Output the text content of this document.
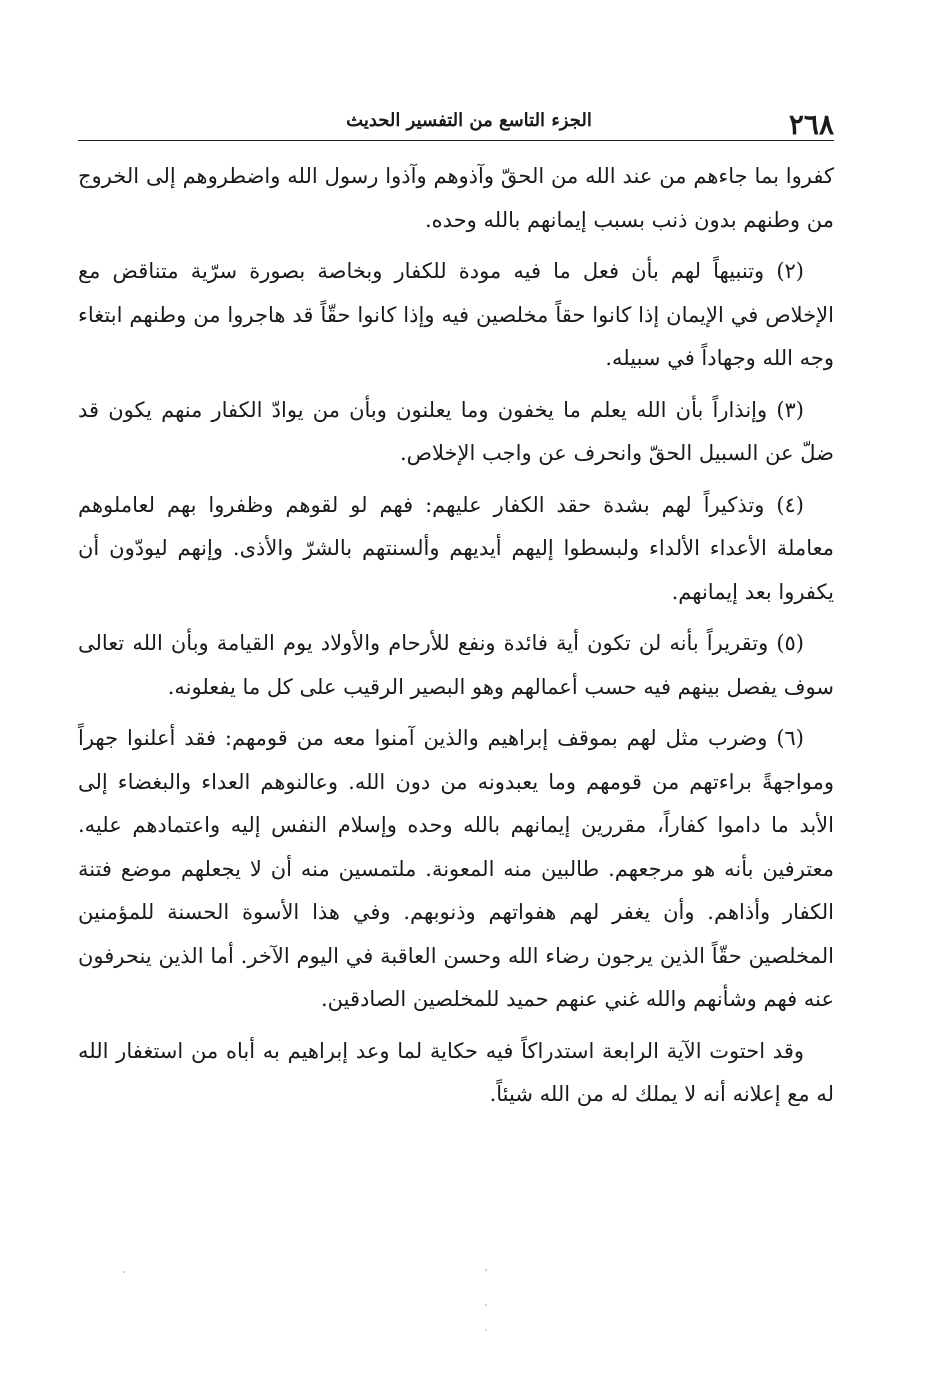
٢٦٨
الجزء التاسع من التفسير الحديث

كفروا بما جاءهم من عند الله من الحقّ وآذوهم وآذوا رسول الله واضطروهم إلى الخروج من وطنهم بدون ذنب بسبب إيمانهم بالله وحده.

(٢) وتنبيهاً لهم بأن فعل ما فيه مودة للكفار وبخاصة بصورة سرّية متناقض مع الإخلاص في الإيمان إذا كانوا حقاً مخلصين فيه وإذا كانوا حقّاً قد هاجروا من وطنهم ابتغاء وجه الله وجهاداً في سبيله.

(٣) وإنذاراً بأن الله يعلم ما يخفون وما يعلنون وبأن من يوادّ الكفار منهم يكون قد ضلّ عن السبيل الحقّ وانحرف عن واجب الإخلاص.

(٤) وتذكيراً لهم بشدة حقد الكفار عليهم: فهم لو لقوهم وظفروا بهم لعاملوهم معاملة الأعداء الألداء ولبسطوا إليهم أيديهم وألسنتهم بالشرّ والأذى. وإنهم ليودّون أن يكفروا بعد إيمانهم.

(٥) وتقريراً بأنه لن تكون أية فائدة ونفع للأرحام والأولاد يوم القيامة وبأن الله تعالى سوف يفصل بينهم فيه حسب أعمالهم وهو البصير الرقيب على كل ما يفعلونه.

(٦) وضرب مثل لهم بموقف إبراهيم والذين آمنوا معه من قومهم: فقد أعلنوا جهراً ومواجهةً براءتهم من قومهم وما يعبدونه من دون الله. وعالنوهم العداء والبغضاء إلى الأبد ما داموا كفاراً، مقررين إيمانهم بالله وحده وإسلام النفس إليه واعتمادهم عليه. معترفين بأنه هو مرجعهم. طالبين منه المعونة. ملتمسين منه أن لا يجعلهم موضع فتنة الكفار وأذاهم. وأن يغفر لهم هفواتهم وذنوبهم. وفي هذا الأسوة الحسنة للمؤمنين المخلصين حقّاً الذين يرجون رضاء الله وحسن العاقبة في اليوم الآخر. أما الذين ينحرفون عنه فهم وشأنهم والله غني عنهم حميد للمخلصين الصادقين.

وقد احتوت الآية الرابعة استدراكاً فيه حكاية لما وعد إبراهيم به أباه من استغفار الله له مع إعلانه أنه لا يملك له من الله شيئاً.
